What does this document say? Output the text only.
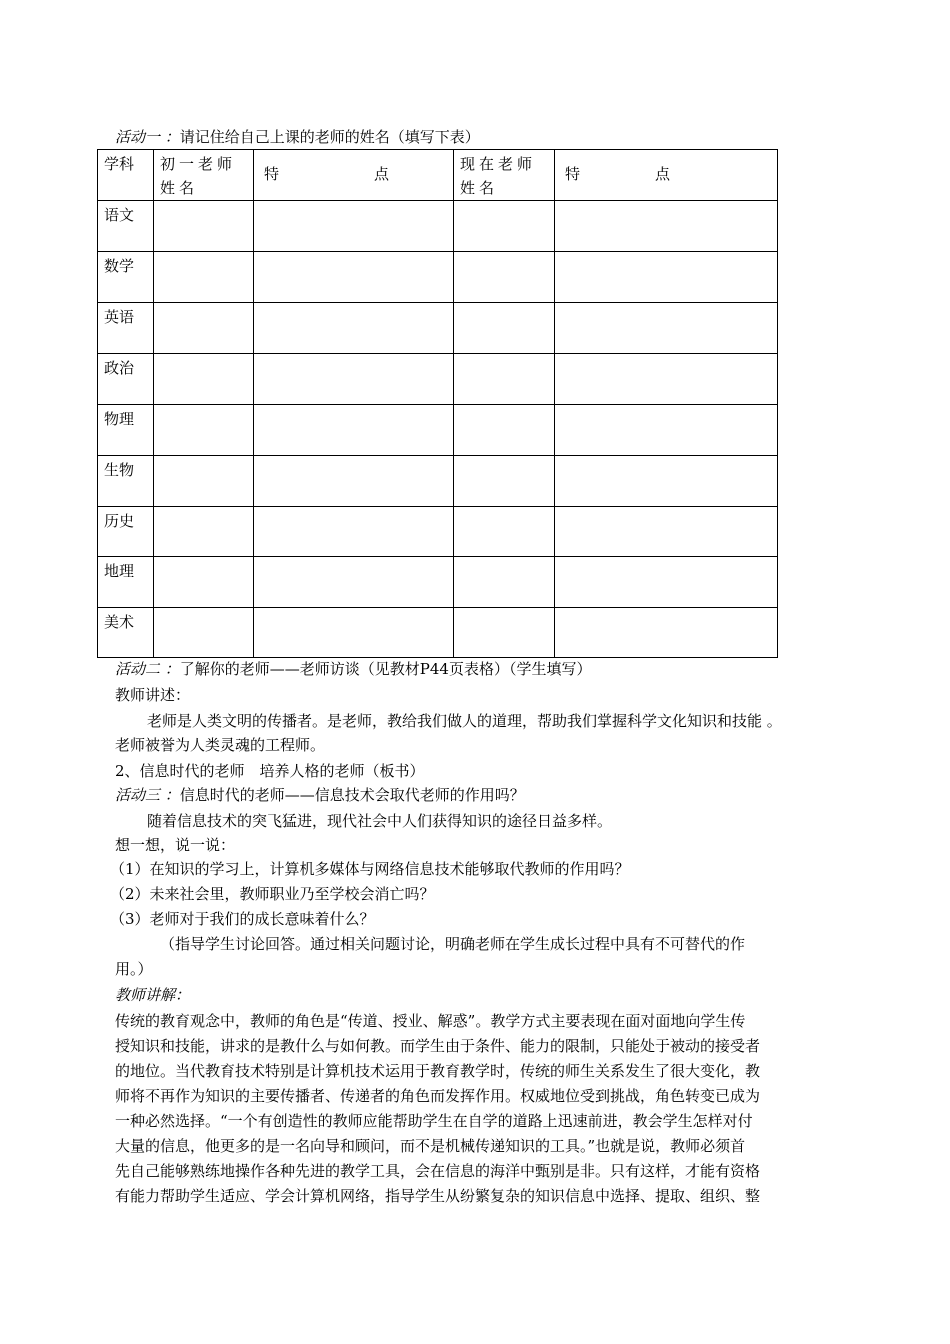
活动一 ：请记住给自己上课的老师的姓名（填写下表）
学科	初一老师姓名	特 点	现在老师姓名	特 点

语文				
数学				
英语				
政治				
物理				
生物				
历史				
地理				
美术				
活动二 ：了解你的老师——老师访谈（见教材P44页表格）（学生填写）
教师讲述：
老师是人类文明的传播者。是老师，教给我们做人的道理，帮助我们掌握科学文化知识和技能 。
老师被誉为人类灵魂的工程师。
2、信息时代的老师　培养人格的老师（板书）
活动三 ：信息时代的老师——信息技术会取代老师的作用吗？
随着信息技术的突飞猛进，现代社会中人们获得知识的途径日益多样。
想一想，说一说：
（1）在知识的学习上，计算机多媒体与网络信息技术能够取代教师的作用吗？
（2）未来社会里，教师职业乃至学校会消亡吗？
（3）老师对于我们的成长意味着什么？
（指导学生讨论回答。通过相关问题讨论，明确老师在学生成长过程中具有不可替代的作
用。）
教师讲解：
传统的教育观念中，教师的角色是“传道、授业、解惑”。教学方式主要表现在面对面地向学生传
授知识和技能，讲求的是教什么与如何教。而学生由于条件、能力的限制，只能处于被动的接受者
的地位。当代教育技术特别是计算机技术运用于教育教学时，传统的师生关系发生了很大变化，教
师将不再作为知识的主要传播者、传递者的角色而发挥作用。权威地位受到挑战，角色转变已成为
一种必然选择。“一个有创造性的教师应能帮助学生在自学的道路上迅速前进，教会学生怎样对付
大量的信息，他更多的是一名向导和顾问，而不是机械传递知识的工具。”也就是说，教师必须首
先自己能够熟练地操作各种先进的教学工具，会在信息的海洋中甄别是非。只有这样，才能有资格
有能力帮助学生适应、学会计算机网络，指导学生从纷繁复杂的知识信息中选择、提取、组织、整
